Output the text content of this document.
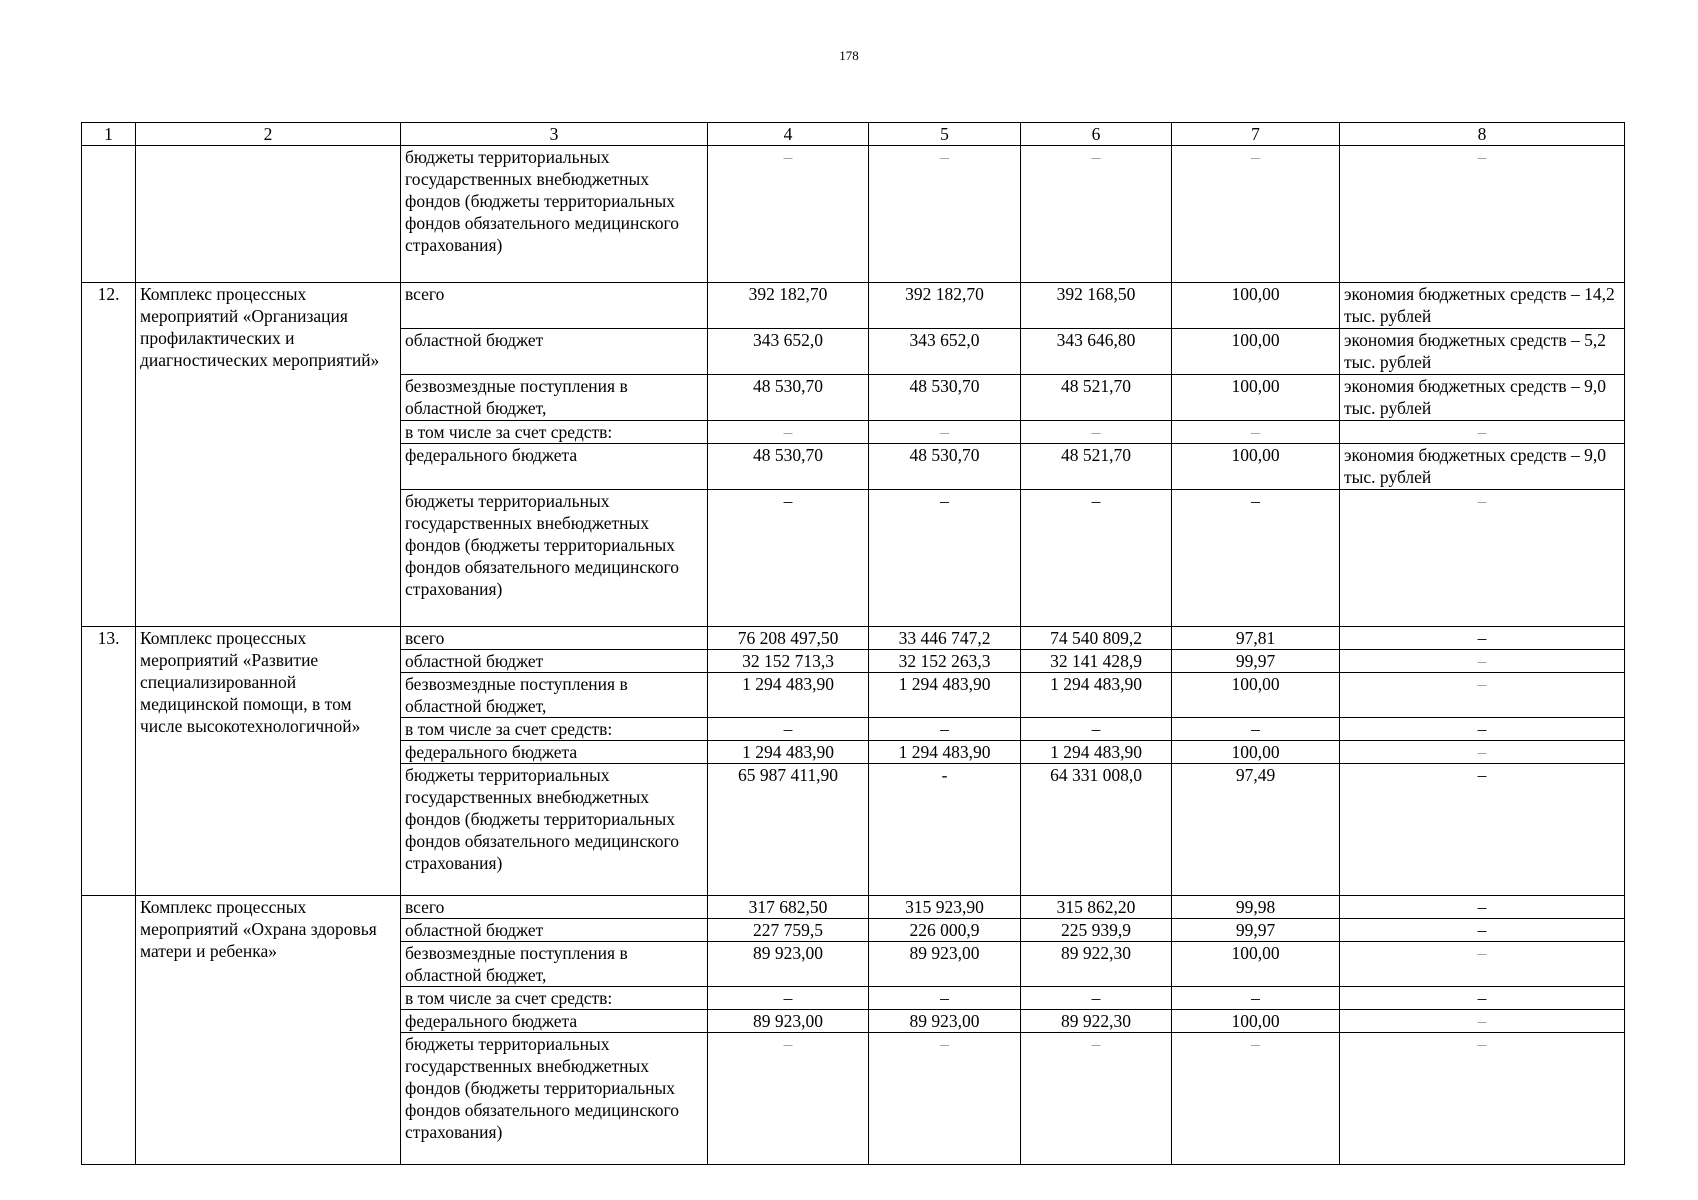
178
1	2	3	4	5	6	7	8
		бюджеты территориальных государственных внебюджетных фондов (бюджеты территориальных фондов обязательного медицинского страхования)	–	–	–	–	–
12.	Комплекс процессных мероприятий «Организация профилактических и диагностических мероприятий»	всего	392 182,70	392 182,70	392 168,50	100,00	экономия бюджетных средств – 14,2 тыс. рублей
		областной бюджет	343 652,0	343 652,0	343 646,80	100,00	экономия бюджетных средств – 5,2 тыс. рублей
		безвозмездные поступления в областной бюджет,	48 530,70	48 530,70	48 521,70	100,00	экономия бюджетных средств – 9,0 тыс. рублей
		в том числе за счет средств:	–	–	–	–	–
		федерального бюджета	48 530,70	48 530,70	48 521,70	100,00	экономия бюджетных средств – 9,0 тыс. рублей
		бюджеты территориальных государственных внебюджетных фондов (бюджеты территориальных фондов обязательного медицинского страхования)	–	–	–	–	–
13.	Комплекс процессных мероприятий «Развитие специализированной медицинской помощи, в том числе высокотехнологичной»	всего	76 208 497,50	33 446 747,2	74 540 809,2	97,81	–
		областной бюджет	32 152 713,3	32 152 263,3	32 141 428,9	99,97	–
		безвозмездные поступления в областной бюджет,	1 294 483,90	1 294 483,90	1 294 483,90	100,00	–
		в том числе за счет средств:	–	–	–	–	–
		федерального бюджета	1 294 483,90	1 294 483,90	1 294 483,90	100,00	–
		бюджеты территориальных государственных внебюджетных фондов (бюджеты территориальных фондов обязательного медицинского страхования)	65 987 411,90	-	64 331 008,0	97,49	–
	Комплекс процессных мероприятий «Охрана здоровья матери и ребенка»	всего	317 682,50	315 923,90	315 862,20	99,98	–
		областной бюджет	227 759,5	226 000,9	225 939,9	99,97	–
		безвозмездные поступления в областной бюджет,	89 923,00	89 923,00	89 922,30	100,00	–
		в том числе за счет средств:	–	–	–	–	–
		федерального бюджета	89 923,00	89 923,00	89 922,30	100,00	–
		бюджеты территориальных государственных внебюджетных фондов (бюджеты территориальных фондов обязательного медицинского страхования)	–	–	–	–	–
